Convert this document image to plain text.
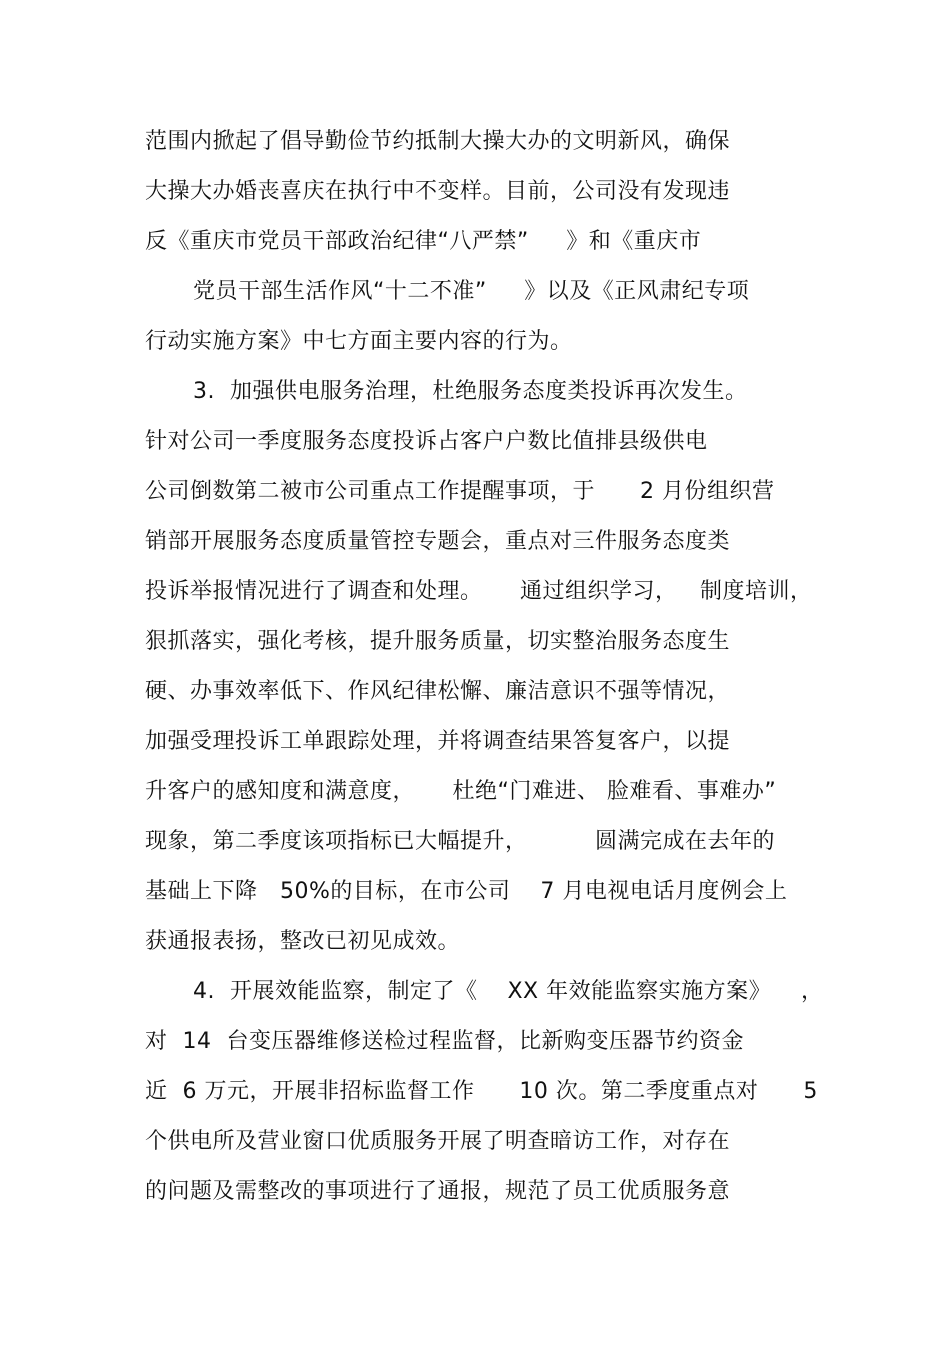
范围内掀起了倡导勤俭节约抵制大操大办的文明新风，确保
大操大办婚丧喜庆在执行中不变样。目前，公司没有发现违
反《重庆市党员干部政治纪律“八严禁”     》和《重庆市
党员干部生活作风“十二不准”     》以及《正风肃纪专项
行动实施方案》中七方面主要内容的行为。
3.  加强供电服务治理，杜绝服务态度类投诉再次发生。
针对公司一季度服务态度投诉占客户户数比值排县级供电
公司倒数第二被市公司重点工作提醒事项，于      2 月份组织营
销部开展服务态度质量管控专题会，重点对三件服务态度类
投诉举报情况进行了调查和处理。     通过组织学习，   制度培训，
狠抓落实，强化考核，提升服务质量，切实整治服务态度生
硬、办事效率低下、作风纪律松懈、廉洁意识不强等情况，
加强受理投诉工单跟踪处理，并将调查结果答复客户，以提
升客户的感知度和满意度，     杜绝“门难进、 脸难看、事难办”
现象，第二季度该项指标已大幅提升，         圆满完成在去年的
基础上下降   50%的目标，在市公司    7 月电视电话月度例会上
获通报表扬，整改已初见成效。
4.  开展效能监察，制定了《    XX 年效能监察实施方案》    ，
对  14  台变压器维修送检过程监督，比新购变压器节约资金
近  6 万元，开展非招标监督工作      10 次。第二季度重点对      5
个供电所及营业窗口优质服务开展了明查暗访工作，对存在
的问题及需整改的事项进行了通报，规范了员工优质服务意
